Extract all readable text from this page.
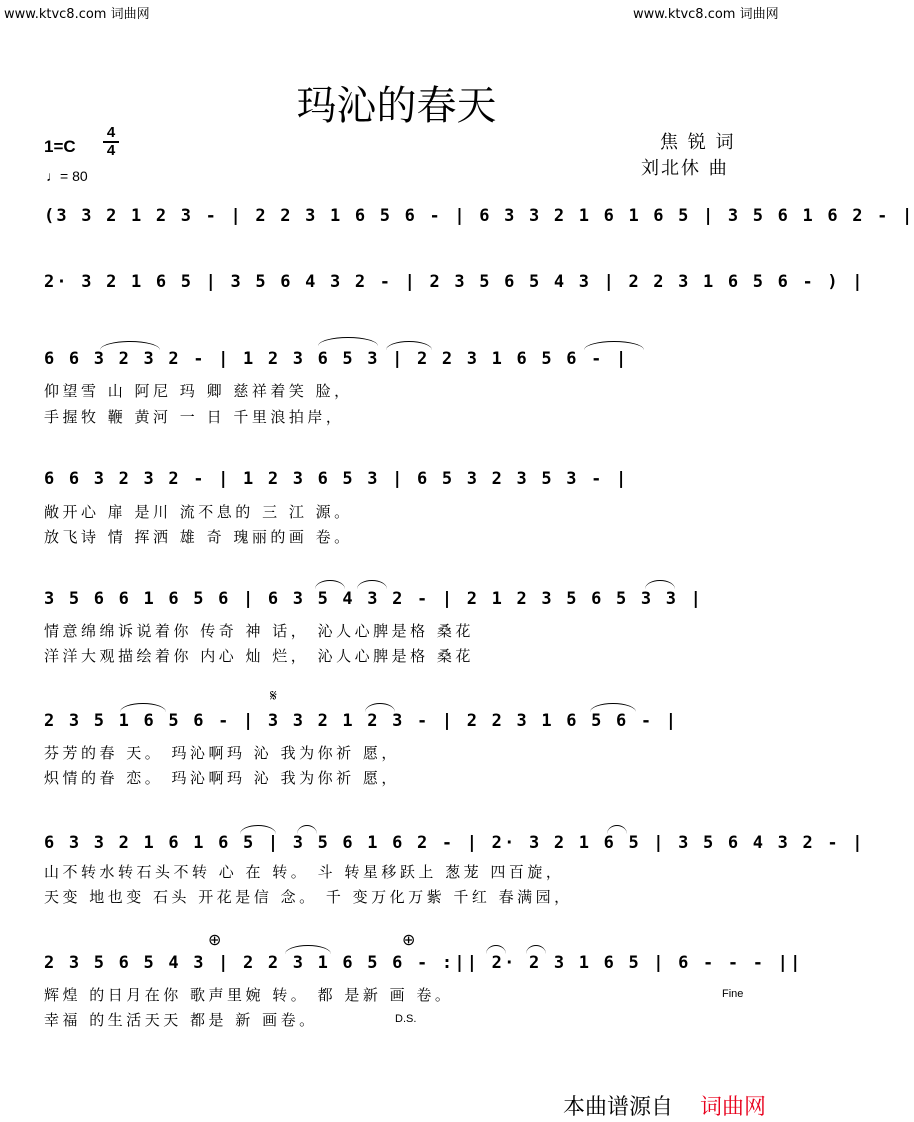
www.ktvc8.com 词曲网	www.ktvc8.com 词曲网
玛沁的春天
1=C
4
4
♩= 80
焦 锐 词
刘北休 曲
(3 3 2 1 2 3 - | 2 2 3 1 6 5 6 - | 6 3 3 2 1 6 1 6 5 | 3 5 6 1 6 2 - |
2· 3 2 1 6 5 | 3 5 6 4 3 2 - | 2 3 5 6 5 4 3 | 2 2 3 1 6 5 6 - ) |
6 6 3 2 3 2 - | 1 2 3 6 5 3 | 2 2 3 1 6 5 6 - |
仰望雪 山 阿尼 玛 卿 慈祥着笑 脸，
手握牧 鞭 黄河 一 日 千里浪拍岸，
6 6 3 2 3 2 - | 1 2 3 6 5 3 | 6 5 3 2 3 5 3 - |
敞开心 扉 是川 流不息的 三 江 源。
放飞诗 情 挥洒 雄 奇 瑰丽的画 卷。
3 5 6 6 1 6 5 6 | 6 3 5 4 3 2 - | 2 1 2 3 5 6 5 3 3 |
情意绵绵诉说着你 传奇 神 话， 沁人心脾是格 桑花
洋洋大观描绘着你 内心 灿 烂， 沁人心脾是格 桑花
𝄋
2 3 5 1 6 5 6 - | 3 3 2 1 2 3 - | 2 2 3 1 6 5 6 - |
芬芳的春 天。 玛沁啊玛 沁 我为你祈 愿，
炽情的眷 恋。 玛沁啊玛 沁 我为你祈 愿，
6 3 3 2 1 6 1 6 5 | 3 5 6 1 6 2 - | 2· 3 2 1 6 5 | 3 5 6 4 3 2 - |
山不转水转石头不转 心 在 转。 斗 转星移跃上 葱茏 四百旋，
天变 地也变 石头 开花是信 念。 千 变万化万紫 千红 春满园，
⊕	⊕
2 3 5 6 5 4 3 | 2 2 3 1 6 5 6 - :|| 2· 2 3 1 6 5 | 6 - - - ||
辉煌 的日月在你 歌声里婉 转。 都 是新 画 卷。
幸福 的生活天天 都是 新 画卷。
Fine
D.S.
本曲谱源自 词曲网
